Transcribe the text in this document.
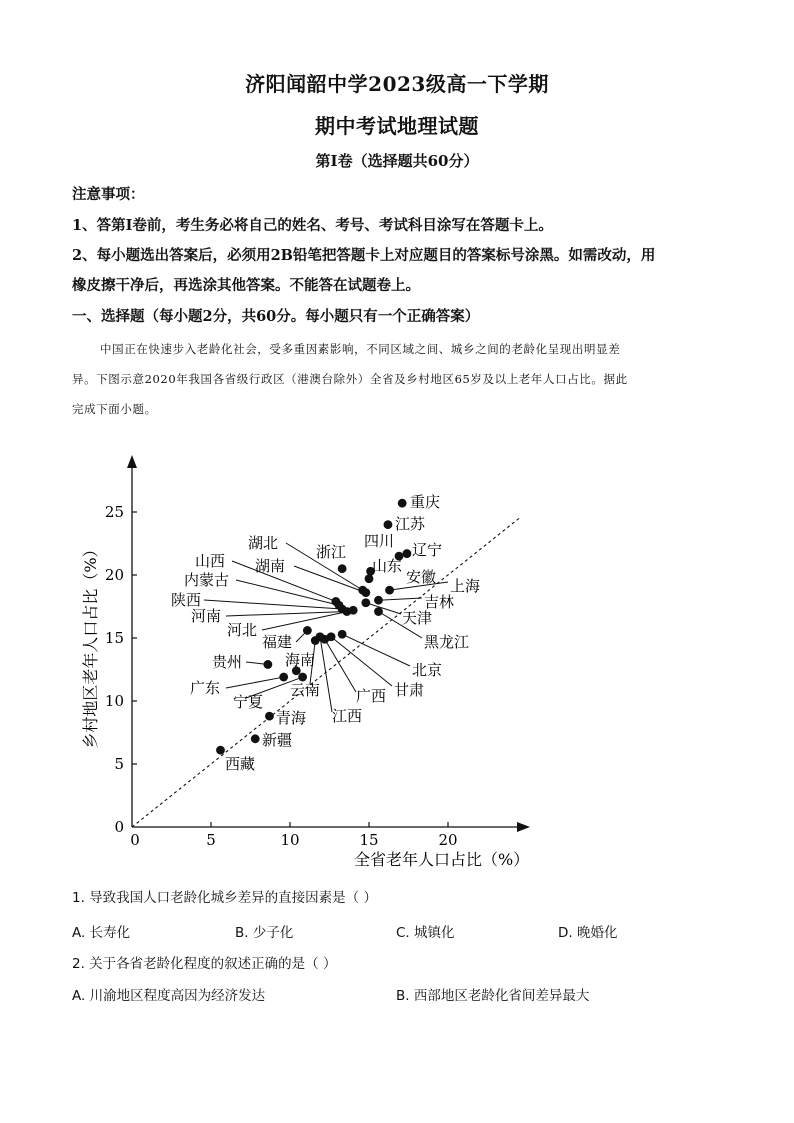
济阳闻韶中学2023级高一下学期
期中考试地理试题
第Ⅰ卷（选择题共60分）
注意事项：
1、答第Ⅰ卷前，考生务必将自己的姓名、考号、考试科目涂写在答题卡上。
2、每小题选出答案后，必须用2B铅笔把答题卡上对应题目的答案标号涂黑。如需改动，用
橡皮擦干净后，再选涂其他答案。不能答在试题卷上。
一、选择题（每小题2分，共60分。每小题只有一个正确答案）
中国正在快速步入老龄化社会，受多重因素影响，不同区域之间、城乡之间的老龄化呈现出明显差
异。下图示意2020年我国各省级行政区（港澳台除外）全省及乡村地区65岁及以上老年人口占比。据此
完成下面小题。
0	5	10	15	20
0
5
10
15
20
25
重庆
江苏
辽宁
四川
浙江
山东
安徽
湖北
湖南
上海
吉林
山西
内蒙古
陕西
河南
河北
天津
黑龙江
福建
北京
甘肃
广西
江西
云南
贵州	海南
广东
宁夏
青海
新疆
西藏
全省老年人口占比（%）
乡村地区老年人口占比（%）
1. 导致我国人口老龄化城乡差异的直接因素是（ ）
A. 长寿化	B. 少子化	C. 城镇化	D. 晚婚化
2. 关于各省老龄化程度的叙述正确的是（ ）
A. 川渝地区程度高因为经济发达	B. 西部地区老龄化省间差异最大
